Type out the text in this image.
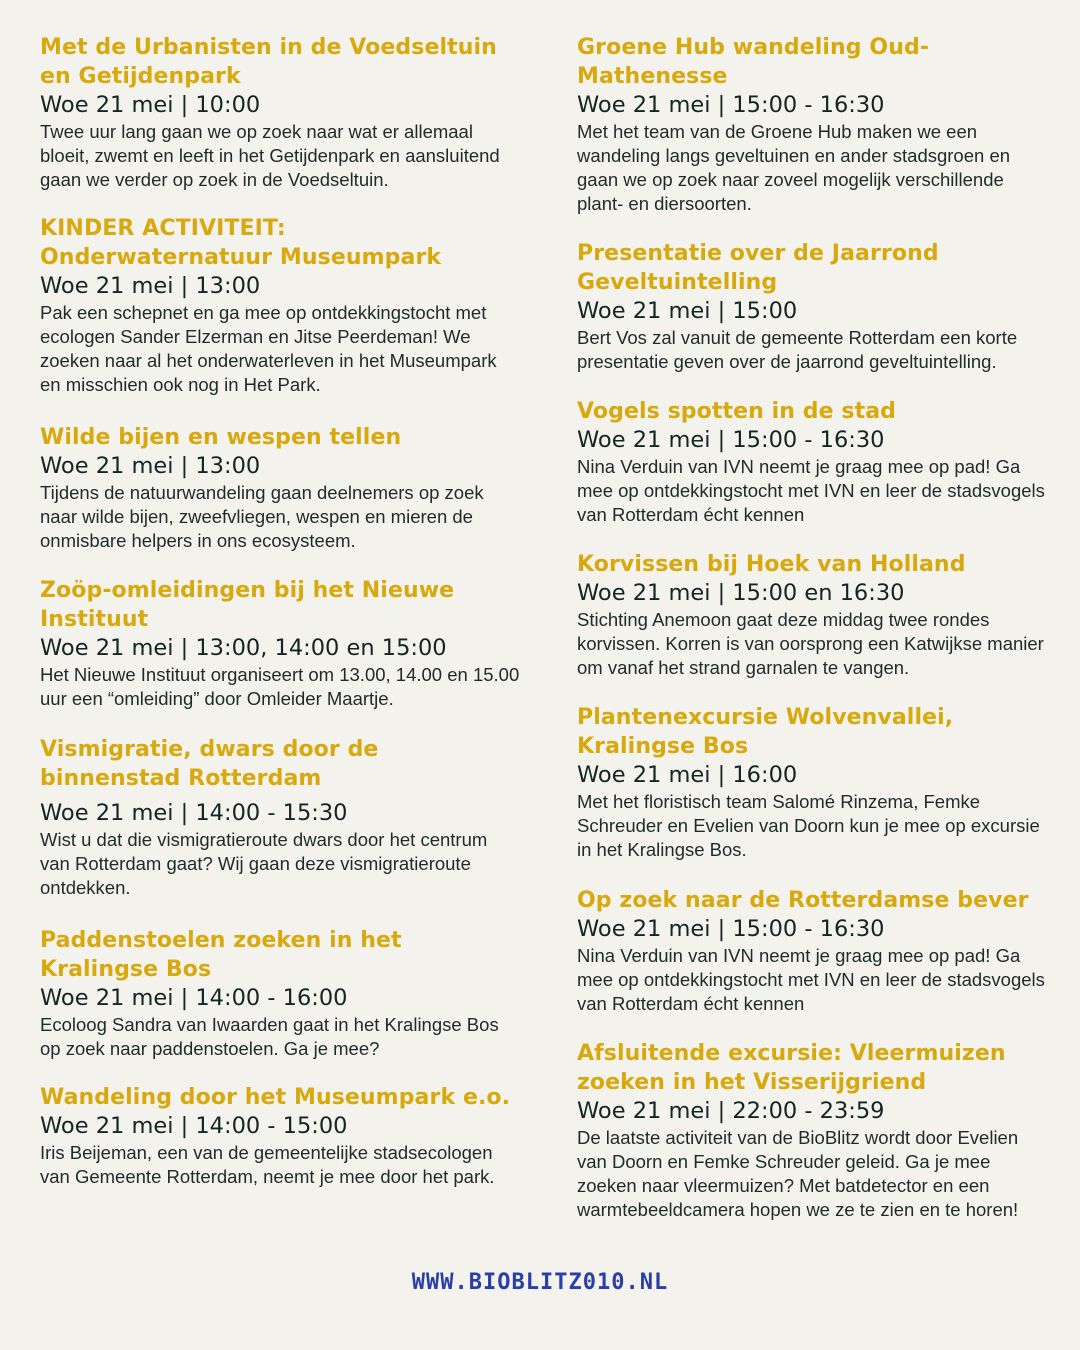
Met de Urbanisten in de Voedseltuin en Getijdenpark

Woe 21 mei | 10:00

Twee uur lang gaan we op zoek naar wat er allemaal bloeit, zwemt en leeft in het Getijdenpark en aansluitend gaan we verder op zoek in de Voedseltuin.

KINDER ACTIVITEIT: Onderwaternatuur Museumpark

Woe 21 mei | 13:00

Pak een schepnet en ga mee op ontdekkingstocht met ecologen Sander Elzerman en Jitse Peerdeman! We zoeken naar al het onderwaterleven in het Museumpark en misschien ook nog in Het Park.

Wilde bijen en wespen tellen

Woe 21 mei | 13:00

Tijdens de natuurwandeling gaan deelnemers op zoek naar wilde bijen, zweefvliegen, wespen en mieren de onmisbare helpers in ons ecosysteem.

Zoöp-omleidingen bij het Nieuwe Instituut

Woe 21 mei | 13:00, 14:00 en 15:00

Het Nieuwe Instituut organiseert om 13.00, 14.00 en 15.00 uur een “omleiding” door Omleider Maartje.

Vismigratie, dwars door de binnenstad Rotterdam

Woe 21 mei | 14:00 - 15:30

Wist u dat die vismigratieroute dwars door het centrum van Rotterdam gaat? Wij gaan deze vismigratieroute ontdekken.

Paddenstoelen zoeken in het Kralingse Bos

Woe 21 mei | 14:00 - 16:00

Ecoloog Sandra van Iwaarden gaat in het Kralingse Bos op zoek naar paddenstoelen. Ga je mee?

Wandeling door het Museumpark e.o.

Woe 21 mei | 14:00 - 15:00

Iris Beijeman, een van de gemeentelijke stadsecologen van Gemeente Rotterdam, neemt je mee door het park.

Groene Hub wandeling Oud-Mathenesse

Woe 21 mei | 15:00 - 16:30

Met het team van de Groene Hub maken we een wandeling langs geveltuinen en ander stadsgroen en gaan we op zoek naar zoveel mogelijk verschillende plant- en diersoorten.

Presentatie over de Jaarrond Geveltuintelling

Woe 21 mei | 15:00

Bert Vos zal vanuit de gemeente Rotterdam een korte presentatie geven over de jaarrond geveltuintelling.

Vogels spotten in de stad

Woe 21 mei | 15:00 - 16:30

Nina Verduin van IVN neemt je graag mee op pad! Ga mee op ontdekkingstocht met IVN en leer de stadsvogels van Rotterdam écht kennen

Korvissen bij Hoek van Holland

Woe 21 mei | 15:00 en 16:30

Stichting Anemoon gaat deze middag twee rondes korvissen. Korren is van oorsprong een Katwijkse manier om vanaf het strand garnalen te vangen.

Plantenexcursie Wolvenvallei, Kralingse Bos

Woe 21 mei | 16:00

Met het floristisch team Salomé Rinzema, Femke Schreuder en Evelien van Doorn kun je mee op excursie in het Kralingse Bos.

Op zoek naar de Rotterdamse bever

Woe 21 mei | 15:00 - 16:30

Nina Verduin van IVN neemt je graag mee op pad! Ga mee op ontdekkingstocht met IVN en leer de stadsvogels van Rotterdam écht kennen

Afsluitende excursie: Vleermuizen zoeken in het Visserijgriend

Woe 21 mei | 22:00 - 23:59

De laatste activiteit van de BioBlitz wordt door Evelien van Doorn en Femke Schreuder geleid. Ga je mee zoeken naar vleermuizen? Met batdetector en een warmtebeeldcamera hopen we ze te zien en te horen!

WWW.BIOBLITZ010.NL
